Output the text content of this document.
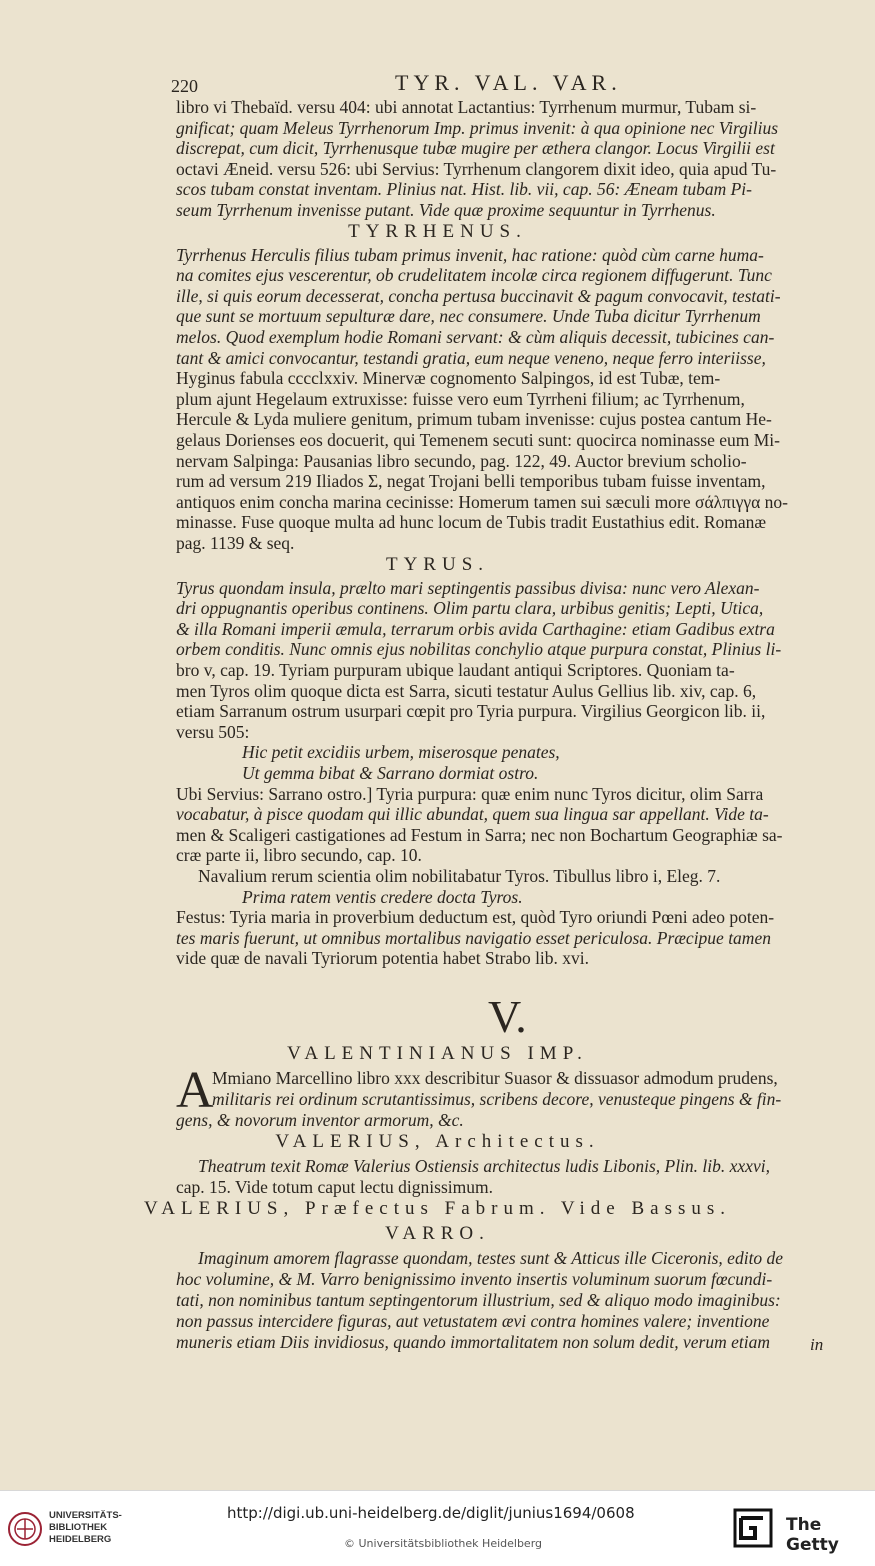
220	TYR. VAL. VAR.
libro vi Thebaïd. versu 404: ubi annotat Lactantius: Tyrrhenum murmur, Tubam si-
gnificat; quam Meleus Tyrrhenorum Imp. primus invenit: à qua opinione nec Virgilius
discrepat, cum dicit, Tyrrhenusque tubæ mugire per æthera clangor. Locus Virgilii est
octavi Æneid. versu 526: ubi Servius: Tyrrhenum clangorem dixit ideo, quia apud Tu-
scos tubam constat inventam. Plinius nat. Hist. lib. vii, cap. 56: Æneam tubam Pi-
seum Tyrrhenum invenisse putant. Vide quæ proxime sequuntur in Tyrrhenus.
TYRRHENUS.
Tyrrhenus Herculis filius tubam primus invenit, hac ratione: quòd cùm carne huma-
na comites ejus vescerentur, ob crudelitatem incolæ circa regionem diffugerunt. Tunc
ille, si quis eorum decesserat, concha pertusa buccinavit & pagum convocavit, testati-
que sunt se mortuum sepulturæ dare, nec consumere. Unde Tuba dicitur Tyrrhenum
melos. Quod exemplum hodie Romani servant: & cùm aliquis decessit, tubicines can-
tant & amici convocantur, testandi gratia, eum neque veneno, neque ferro interiisse,
Hyginus fabula cccclxxiv. Minervæ cognomento Salpingos, id est Tubæ, tem-
plum ajunt Hegelaum extruxisse: fuisse vero eum Tyrrheni filium; ac Tyrrhenum,
Hercule & Lyda muliere genitum, primum tubam invenisse: cujus postea cantum He-
gelaus Dorienses eos docuerit, qui Temenem secuti sunt: quocirca nominasse eum Mi-
nervam Salpinga: Pausanias libro secundo, pag. 122, 49. Auctor brevium scholio-
rum ad versum 219 Iliados Σ, negat Trojani belli temporibus tubam fuisse inventam,
antiquos enim concha marina cecinisse: Homerum tamen sui sæculi more σάλπιγγα no-
minasse. Fuse quoque multa ad hunc locum de Tubis tradit Eustathius edit. Romanæ
pag. 1139 & seq.
TYRUS.
Tyrus quondam insula, prælto mari septingentis passibus divisa: nunc vero Alexan-
dri oppugnantis operibus continens. Olim partu clara, urbibus genitis; Lepti, Utica,
& illa Romani imperii æmula, terrarum orbis avida Carthagine: etiam Gadibus extra
orbem conditis. Nunc omnis ejus nobilitas conchylio atque purpura constat, Plinius li-
bro v, cap. 19. Tyriam purpuram ubique laudant antiqui Scriptores. Quoniam ta-
men Tyros olim quoque dicta est Sarra, sicuti testatur Aulus Gellius lib. xiv, cap. 6,
etiam Sarranum ostrum usurpari cœpit pro Tyria purpura. Virgilius Georgicon lib. ii,
versu 505:
Hic petit excidiis urbem, miserosque penates,
Ut gemma bibat & Sarrano dormiat ostro.
Ubi Servius: Sarrano ostro.] Tyria purpura: quæ enim nunc Tyros dicitur, olim Sarra
vocabatur, à pisce quodam qui illic abundat, quem sua lingua sar appellant. Vide ta-
men & Scaligeri castigationes ad Festum in Sarra; nec non Bochartum Geographiæ sa-
cræ parte ii, libro secundo, cap. 10.
Navalium rerum scientia olim nobilitabatur Tyros. Tibullus libro i, Eleg. 7.
Prima ratem ventis credere docta Tyros.
Festus: Tyria maria in proverbium deductum est, quòd Tyro oriundi Pœni adeo poten-
tes maris fuerunt, ut omnibus mortalibus navigatio esset periculosa. Præcipue tamen
vide quæ de navali Tyriorum potentia habet Strabo lib. xvi.
V.
A
VALENTINIANUS IMP.
Mmiano Marcellino libro xxx describitur Suasor & dissuasor admodum prudens,
militaris rei ordinum scrutantissimus, scribens decore, venusteque pingens & fin-
gens, & novorum inventor armorum, &c.
VALERIUS, Architectus.
Theatrum texit Romæ Valerius Ostiensis architectus ludis Libonis, Plin. lib. xxxvi,
cap. 15. Vide totum caput lectu dignissimum.
VALERIUS, Præfectus Fabrum. Vide Bassus.
VARRO.
Imaginum amorem flagrasse quondam, testes sunt & Atticus ille Ciceronis, edito de
hoc volumine, & M. Varro benignissimo invento insertis voluminum suorum fœcundi-
tati, non nominibus tantum septingentorum illustrium, sed & aliquo modo imaginibus:
non passus intercidere figuras, aut vetustatem ævi contra homines valere; inventione
muneris etiam Diis invidiosus, quando immortalitatem non solum dedit, verum etiam in
UNIVERSITÄTS-
BIBLIOTHEK
HEIDELBERG
http://digi.ub.uni-heidelberg.de/diglit/junius1694/0608
© Universitätsbibliothek Heidelberg
The Getty
